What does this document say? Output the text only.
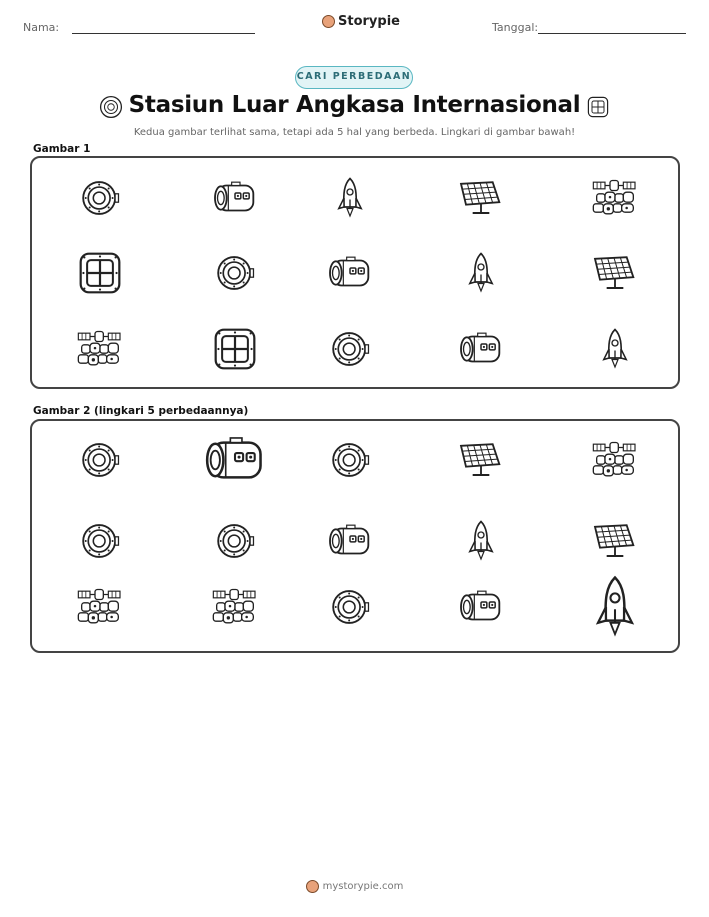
Nama:	Storypie	Tanggal:
CARI PERBEDAAN
Stasiun Luar Angkasa Internasional
Kedua gambar terlihat sama, tetapi ada 5 hal yang berbeda. Lingkari di gambar bawah!
Gambar 1
Gambar 2 (lingkari 5 perbedaannya)
mystorypie.com
